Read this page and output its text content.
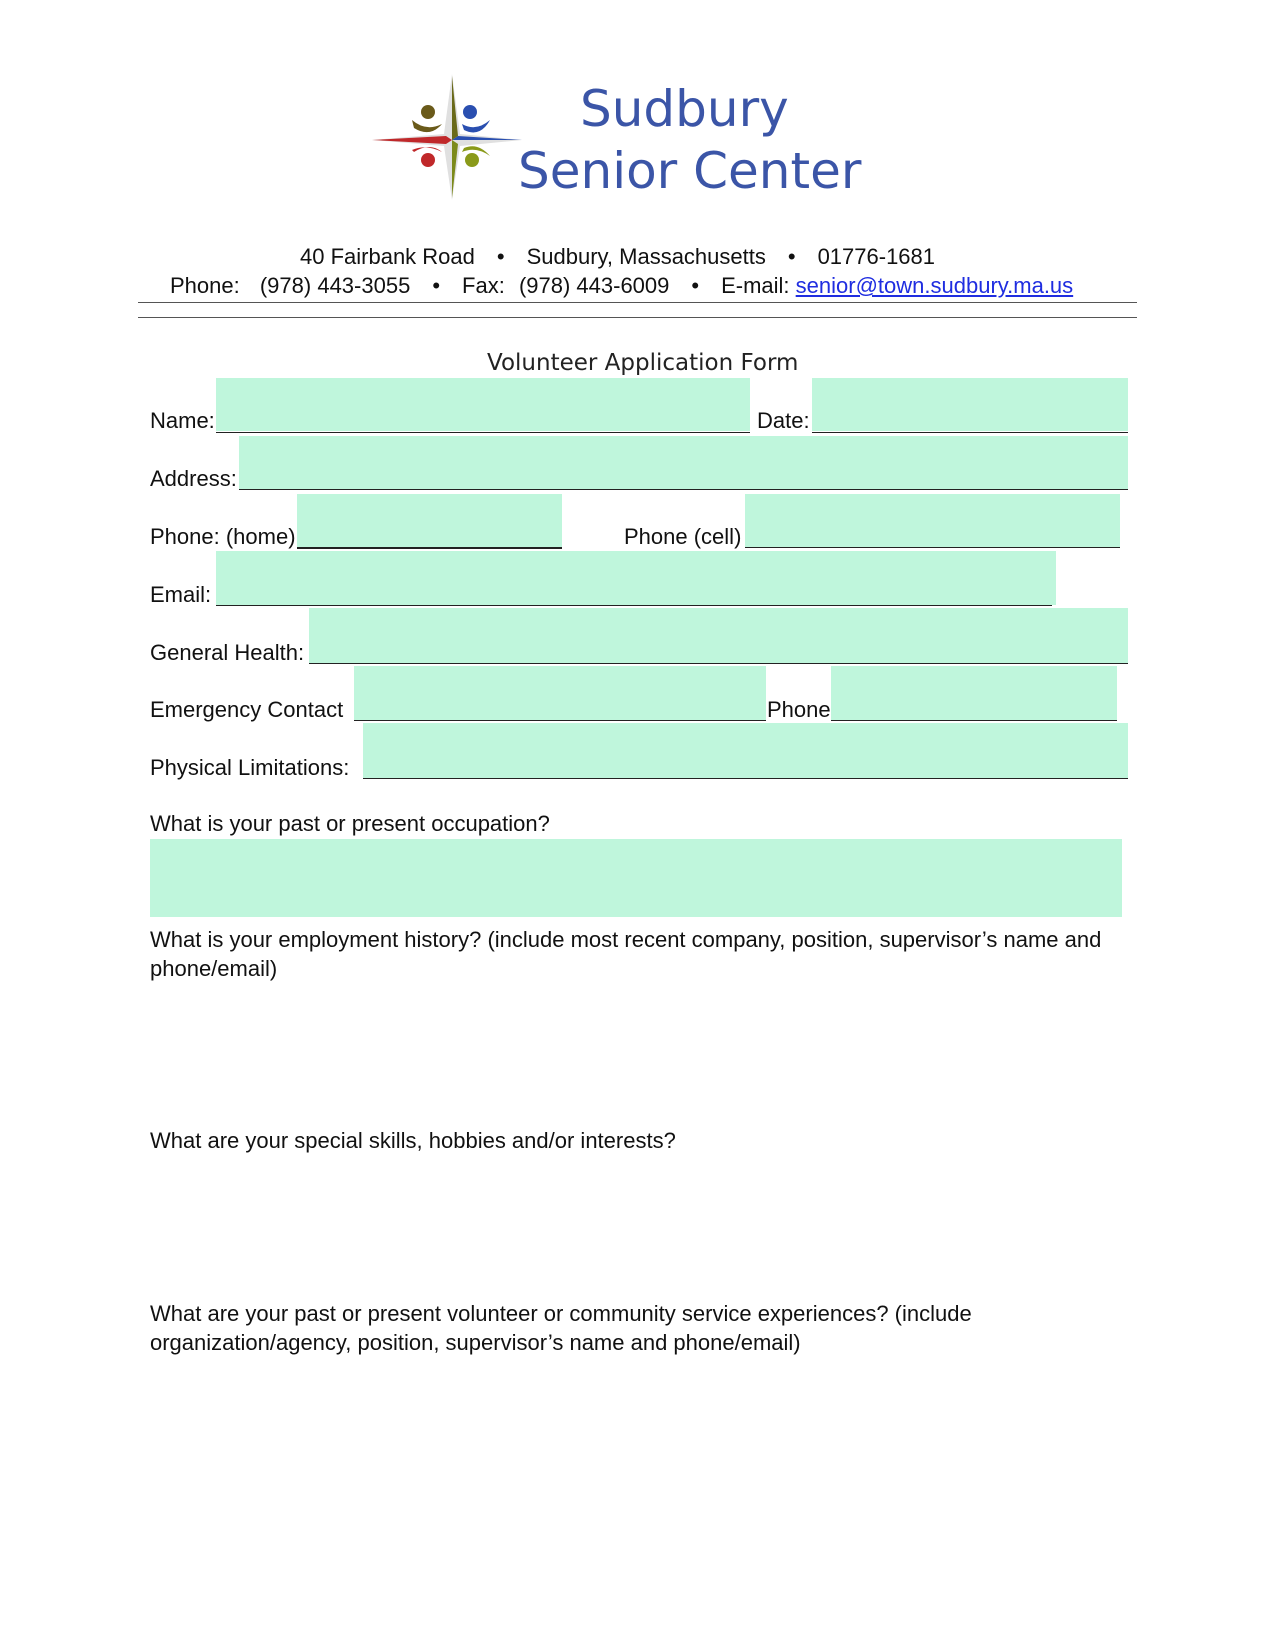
Sudbury
Senior Center
40 Fairbank Road • Sudbury, Massachusetts • 01776-1681
Phone: (978) 443-3055 • Fax: (978) 443-6009 • E-mail: senior@town.sudbury.ma.us
Volunteer Application Form
Name:	Date:
Address:
Phone: (home)	Phone (cell)
Email:
General Health:
Emergency Contact	Phone
Physical Limitations:
What is your past or present occupation?
What is your employment history? (include most recent company, position, supervisor’s name and phone/email)
What are your special skills, hobbies and/or interests?
What are your past or present volunteer or community service experiences? (include organization/agency, position, supervisor’s name and phone/email)
